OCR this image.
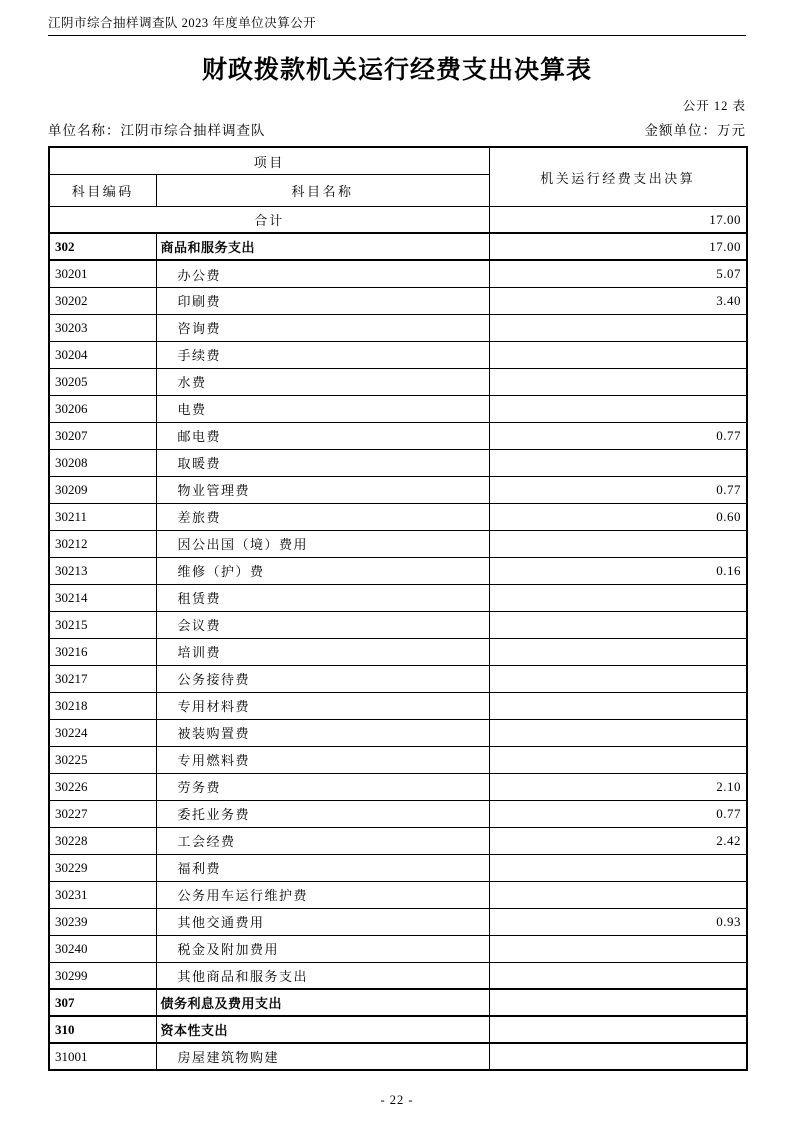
江阴市综合抽样调查队 2023 年度单位决算公开
财政拨款机关运行经费支出决算表
公开 12 表
单位名称：江阴市综合抽样调查队	金额单位：万元
项目		机关运行经费支出决算
科目编码	科目名称	
合计		17.00
302	商品和服务支出	17.00
30201	办公费	5.07
30202	印刷费	3.40
30203	咨询费	
30204	手续费	
30205	水费	
30206	电费	
30207	邮电费	0.77
30208	取暖费	
30209	物业管理费	0.77
30211	差旅费	0.60
30212	因公出国（境）费用	
30213	维修（护）费	0.16
30214	租赁费	
30215	会议费	
30216	培训费	
30217	公务接待费	
30218	专用材料费	
30224	被装购置费	
30225	专用燃料费	
30226	劳务费	2.10
30227	委托业务费	0.77
30228	工会经费	2.42
30229	福利费	
30231	公务用车运行维护费	
30239	其他交通费用	0.93
30240	税金及附加费用	
30299	其他商品和服务支出	
307	债务利息及费用支出	
310	资本性支出	
31001	房屋建筑物购建	
- 22 -
